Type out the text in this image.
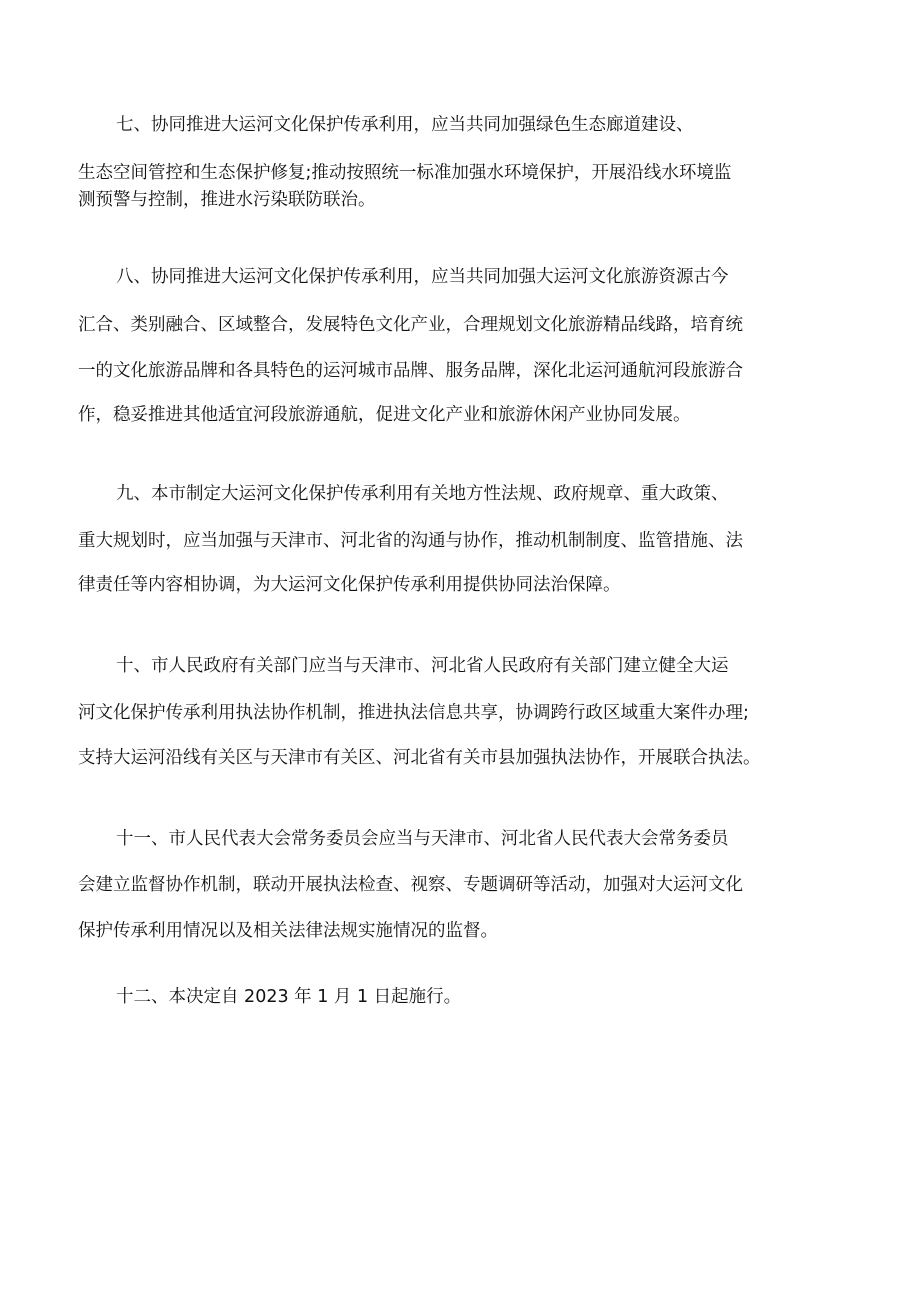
七、协同推进大运河文化保护传承利用，应当共同加强绿色生态廊道建设、
生态空间管控和生态保护修复;推动按照统一标准加强水环境保护，开展沿线水环境监
测预警与控制，推进水污染联防联治。
八、协同推进大运河文化保护传承利用，应当共同加强大运河文化旅游资源古今
汇合、类别融合、区域整合，发展特色文化产业，合理规划文化旅游精品线路，培育统
一的文化旅游品牌和各具特色的运河城市品牌、服务品牌，深化北运河通航河段旅游合
作，稳妥推进其他适宜河段旅游通航，促进文化产业和旅游休闲产业协同发展。
九、本市制定大运河文化保护传承利用有关地方性法规、政府规章、重大政策、
重大规划时，应当加强与天津市、河北省的沟通与协作，推动机制制度、监管措施、法
律责任等内容相协调，为大运河文化保护传承利用提供协同法治保障。
十、市人民政府有关部门应当与天津市、河北省人民政府有关部门建立健全大运
河文化保护传承利用执法协作机制，推进执法信息共享，协调跨行政区域重大案件办理;
支持大运河沿线有关区与天津市有关区、河北省有关市县加强执法协作，开展联合执法。
十一、市人民代表大会常务委员会应当与天津市、河北省人民代表大会常务委员
会建立监督协作机制，联动开展执法检查、视察、专题调研等活动，加强对大运河文化
保护传承利用情况以及相关法律法规实施情况的监督。
十二、本决定自 2023 年 1 月 1 日起施行。
